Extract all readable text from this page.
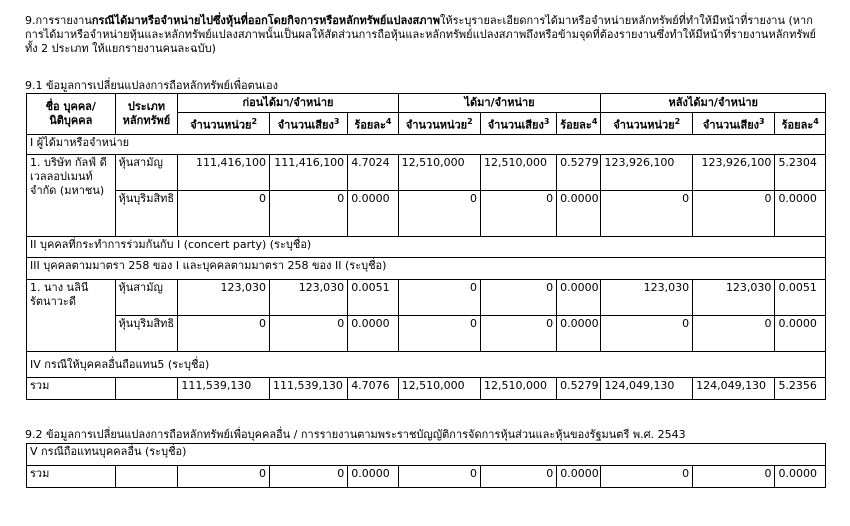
9.การรายงานกรณีได้มาหรือจำหน่ายไปซึ่งหุ้นที่ออกโดยกิจการหรือหลักทรัพย์แปลงสภาพให้ระบุรายละเอียดการได้มาหรือจำหน่ายหลักทรัพย์ที่ทำให้มีหน้าที่รายงาน (หากการได้มาหรือจำหน่ายหุ้นและหลักทรัพย์แปลงสภาพนั้นเป็นผลให้สัดส่วนการถือหุ้นและหลักทรัพย์แปลงสภาพถึงหรือข้ามจุดที่ต้องรายงานซึ่งทำให้มีหน้าที่รายงานหลักทรัพย์ทั้ง 2 ประเภท ให้แยกรายงานคนละฉบับ)
9.1 ข้อมูลการเปลี่ยนแปลงการถือหลักทรัพย์เพื่อตนเอง
ชื่อ บุคคล/นิติบุคคล	ประเภท หลักทรัพย์	ก่อนได้มา/จำหน่าย			ได้มา/จำหน่าย			หลังได้มา/จำหน่าย		
		จำนวนหน่วย$^2$	จำนวนเสียง$^3$	ร้อยละ$^4$	จำนวนหน่วย$^2$	จำนวนเสียง$^3$	ร้อยละ$^4$	จำนวนหน่วย$^2$	จำนวนเสียง$^3$	ร้อยละ$^4$
I ผู้ได้มาหรือจำหน่าย										
1. บริษัท กัลฟ์ ดี เวลลอปเมนท์ จำกัด (มหาชน)	หุ้นสามัญ	111,416,100	111,416,100	4.7024	12,510,000	12,510,000	0.5279	123,926,100	123,926,100	5.2304
	หุ้นบุริมสิทธิ	0	0	0.0000	0	0	0.0000	0	0	0.0000
II บุคคลที่กระทำการร่วมกันกับ I (concert party) (ระบุชื่อ)										
III บุคคลตามมาตรา 258 ของ I และบุคคลตามมาตรา 258 ของ II (ระบุชื่อ)										
1. นาง นลินี รัตนาวะดี	หุ้นสามัญ	123,030	123,030	0.0051	0	0	0.0000	123,030	123,030	0.0051
	หุ้นบุริมสิทธิ	0	0	0.0000	0	0	0.0000	0	0	0.0000
IV กรณีให้บุคคลอื่นถือแทน5 (ระบุชื่อ)										
รวม		111,539,130	111,539,130	4.7076	12,510,000	12,510,000	0.5279	124,049,130	124,049,130	5.2356
9.2 ข้อมูลการเปลี่ยนแปลงการถือหลักทรัพย์เพื่อบุคคลอื่น / การรายงานตามพระราชบัญญัติการจัดการหุ้นส่วนและหุ้นของรัฐมนตรี พ.ศ. 2543
V กรณีถือแทนบุคคลอื่น (ระบุชื่อ)
รวม		0	0	0.0000	0	0	0.0000	0	0	0.0000
